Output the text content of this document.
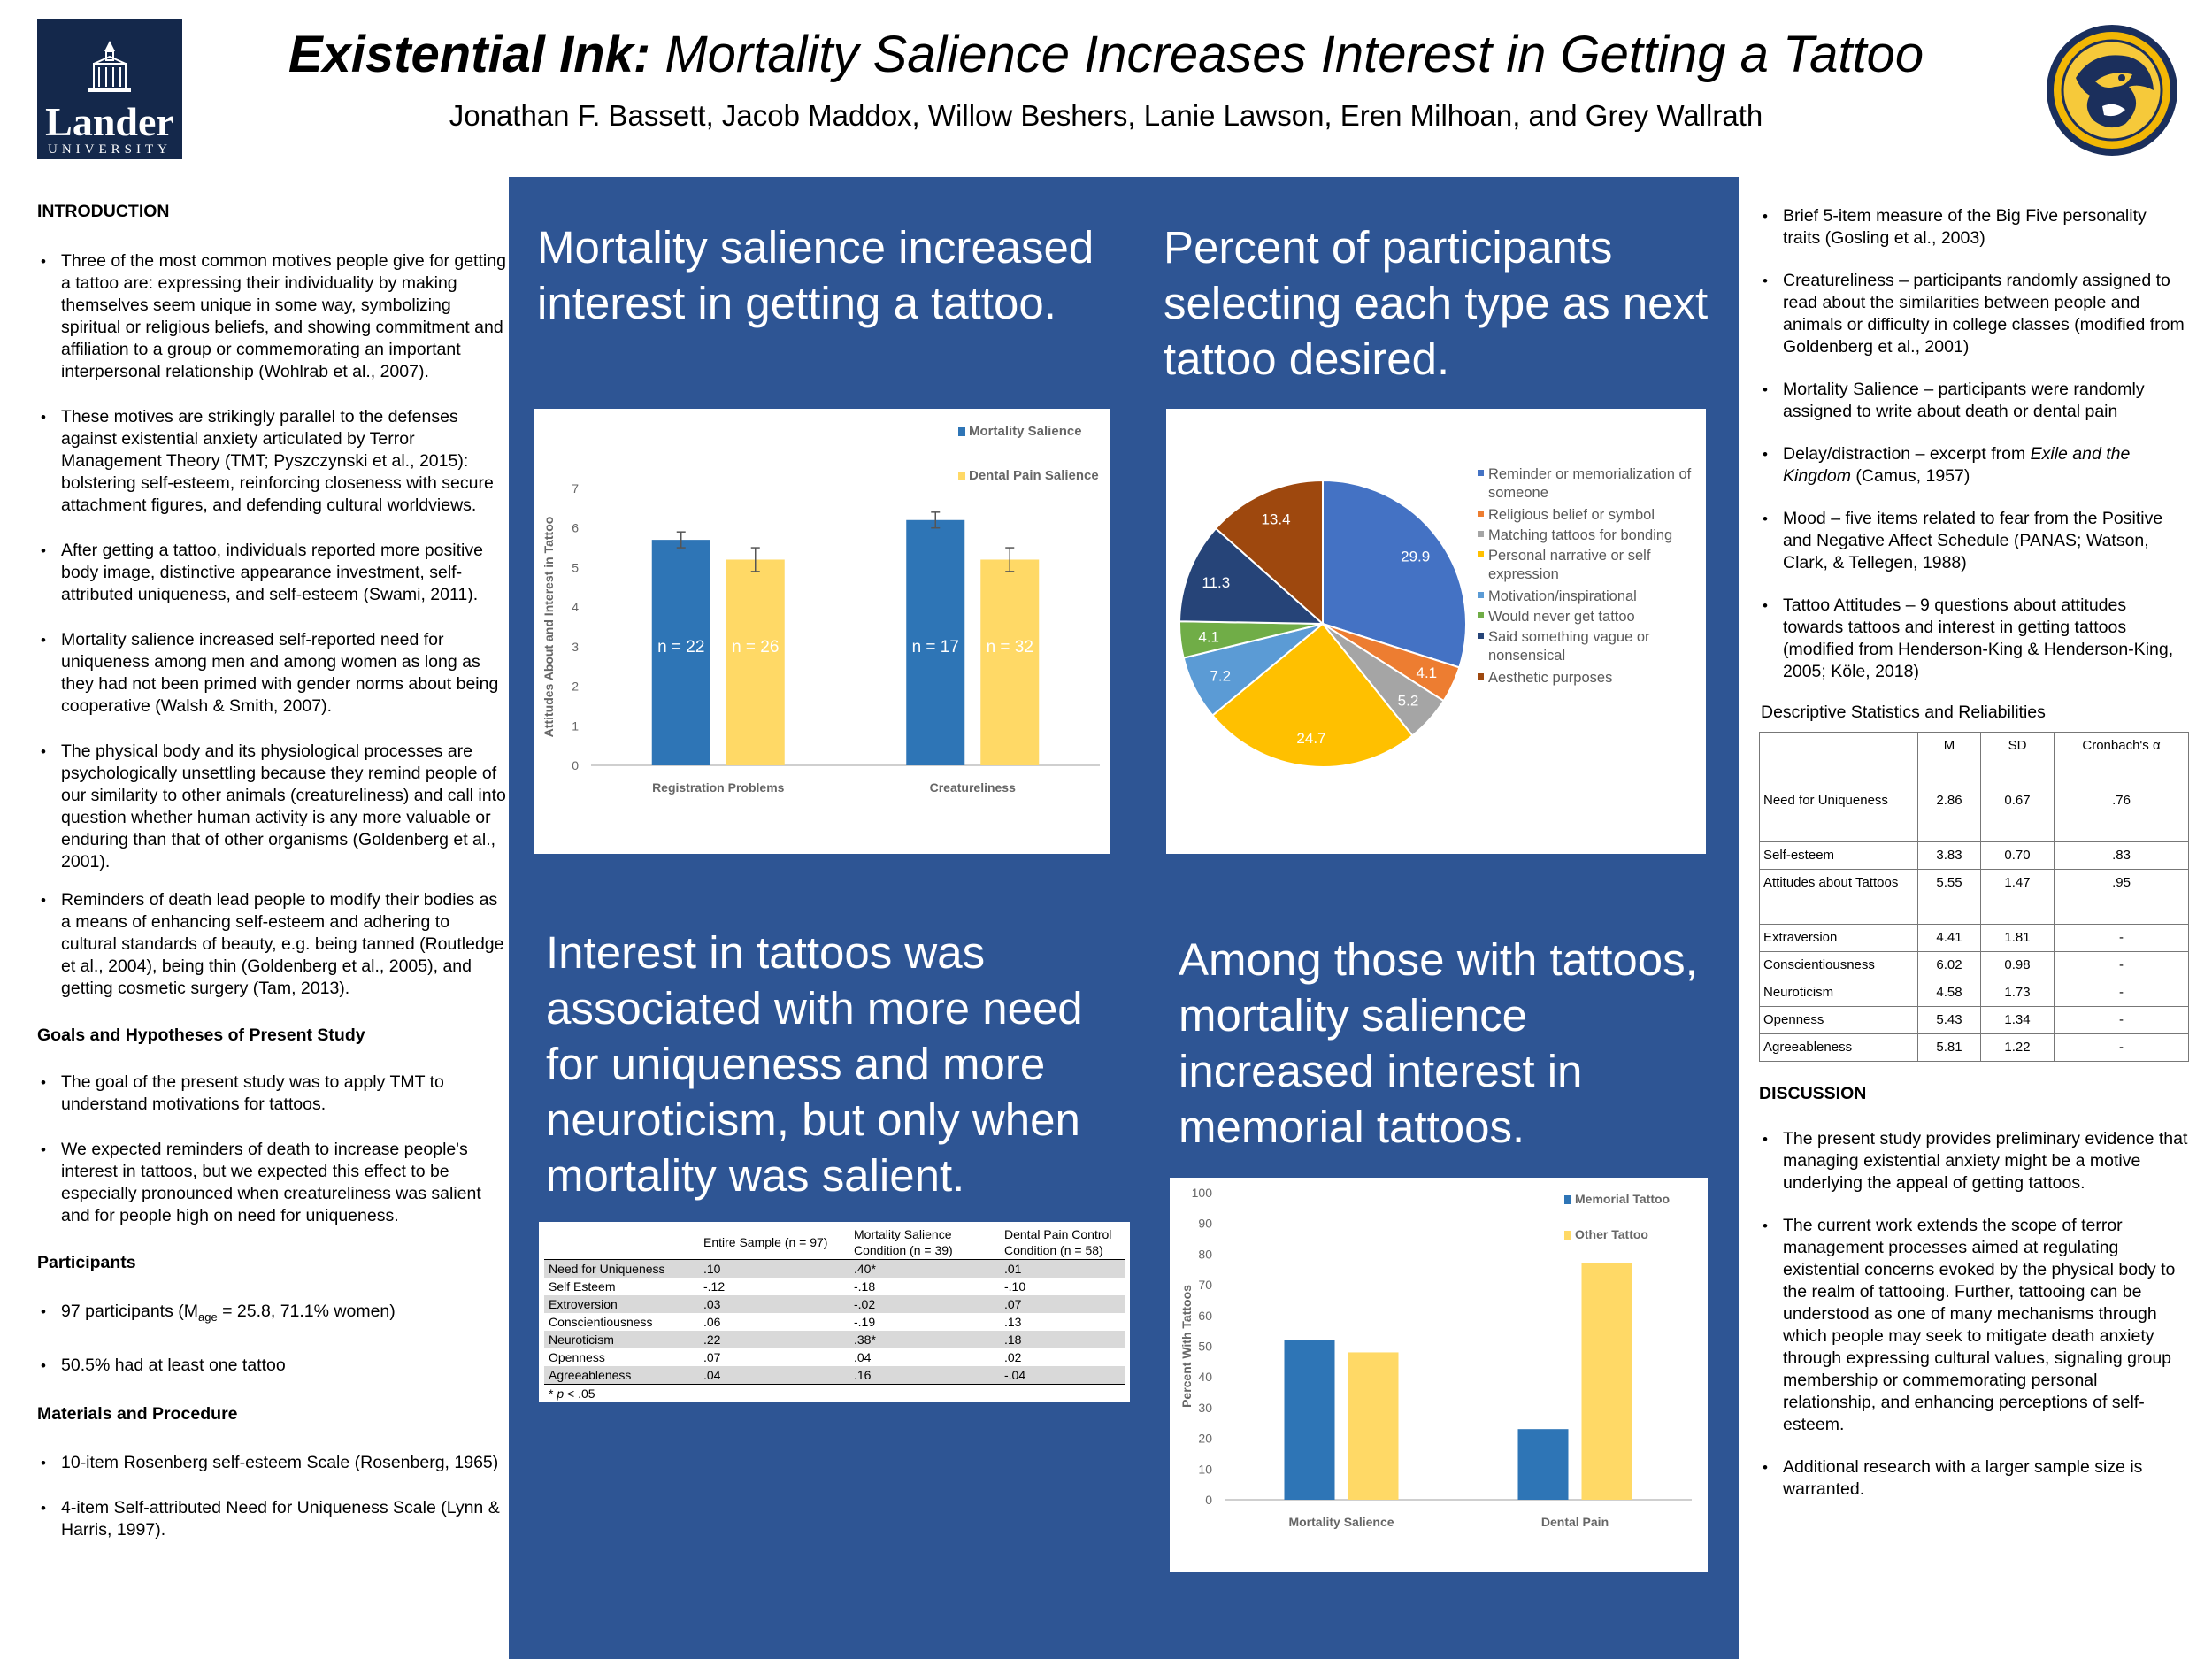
Lander
UNIVERSITY
Existential Ink: Mortality Salience Increases Interest in Getting a Tattoo
Jonathan F. Bassett, Jacob Maddox, Willow Beshers, Lanie Lawson, Eren Milhoan, and Grey Wallrath
INTRODUCTION
• Three of the most common motives people give for getting a tattoo are: expressing their individuality by making themselves seem unique in some way, symbolizing spiritual or religious beliefs, and showing commitment and affiliation to a group or commemorating an important interpersonal relationship (Wohlrab et al., 2007).
• These motives are strikingly parallel to the defenses against existential anxiety articulated by Terror Management Theory (TMT; Pyszczynski et al., 2015): bolstering self-esteem, reinforcing closeness with secure attachment figures, and defending cultural worldviews.
• After getting a tattoo, individuals reported more positive body image, distinctive appearance investment, self-attributed uniqueness, and self-esteem (Swami, 2011).
• Mortality salience increased self-reported need for uniqueness among men and among women as long as they had not been primed with gender norms about being cooperative (Walsh & Smith, 2007).
• The physical body and its physiological processes are psychologically unsettling because they remind people of our similarity to other animals (creatureliness) and call into question whether human activity is any more valuable or enduring than that of other organisms (Goldenberg et al., 2001).
• Reminders of death lead people to modify their bodies as a means of enhancing self-esteem and adhering to cultural standards of beauty, e.g. being tanned (Routledge et al., 2004), being thin (Goldenberg et al., 2005), and getting cosmetic surgery (Tam, 2013).
Goals and Hypotheses of Present Study
• The goal of the present study was to apply TMT to understand motivations for tattoos.
• We expected reminders of death to increase people's interest in tattoos, but we expected this effect to be especially pronounced when creatureliness was salient and for people high on need for uniqueness.
Participants
• 97 participants ($M_{age} = 25.8$, 71.1% women)
• 50.5% had at least one tattoo
Materials and Procedure
• 10-item Rosenberg self-esteem Scale (Rosenberg, 1965)
• 4-item Self-attributed Need for Uniqueness Scale (Lynn & Harris, 1997).
Mortality salience increased interest in getting a tattoo.
Percent of participants selecting each type as next tattoo desired.
Interest in tattoos was associated with more need for uniqueness and more neuroticism, but only when mortality was salient.
Among those with tattoos, mortality salience increased interest in memorial tattoos.
0
1
2
3
4
5
6
7
Attitudes About and Interest in Tattoo	n = 22 n = 26
Registration Problems
n = 17 n = 32
Creatureliness
Mortality Salience
Dental Pain Salience
29.9
4.1
5.2
24.7
7.2
4.1
11.3
13.4
Reminder or memorialization of someone
Religious belief or symbol
Matching tattoos for bonding
Personal narrative or self expression
Motivation/inspirational
Would never get tattoo
Said something vague or nonsensical
Aesthetic purposes
	Entire Sample (n = 97)	Mortality Salience Condition (n = 39)	Dental Pain Control Condition (n = 58)
Need for Uniqueness	.10	.40*	.01
Self Esteem	-.12	-.18	-.10
Extroversion	.03	-.02	.07
Conscientiousness	.06	-.19	.13
Neuroticism	.22	.38*	.18
Openness	.07	.04	.02
Agreeableness	.04	.16	-.04
* p < .05
0
10
20
30
40
50
60
70
80
90
100
Percent With Tattoos
Mortality Salience	Dental Pain
Memorial Tattoo
Other Tattoo
• Brief 5-item measure of the Big Five personality traits (Gosling et al., 2003)
• Creatureliness – participants randomly assigned to read about the similarities between people and animals or difficulty in college classes (modified from Goldenberg et al., 2001)
• Mortality Salience – participants were randomly assigned to write about death or dental pain
• Delay/distraction – excerpt from Exile and the Kingdom (Camus, 1957)
• Mood – five items related to fear from the Positive and Negative Affect Schedule (PANAS; Watson, Clark, & Tellegen, 1988)
• Tattoo Attitudes – 9 questions about attitudes towards tattoos and interest in getting tattoos (modified from Henderson-King & Henderson-King, 2005; Köle, 2018)
Descriptive Statistics and Reliabilities
	M	SD	Cronbach's α
Need for Uniqueness	2.86	0.67	.76
Self-esteem	3.83	0.70	.83
Attitudes about Tattoos	5.55	1.47	.95
Extraversion	4.41	1.81	-
Conscientiousness	6.02	0.98	-
Neuroticism	4.58	1.73	-
Openness	5.43	1.34	-
Agreeableness	5.81	1.22	-
DISCUSSION
• The present study provides preliminary evidence that managing existential anxiety might be a motive underlying the appeal of getting tattoos.
• The current work extends the scope of terror management processes aimed at regulating existential concerns evoked by the physical body to the realm of tattooing. Further, tattooing can be understood as one of many mechanisms through which people may seek to mitigate death anxiety through expressing cultural values, signaling group membership or commemorating personal relationship, and enhancing perceptions of self-esteem.
• Additional research with a larger sample size is warranted.
